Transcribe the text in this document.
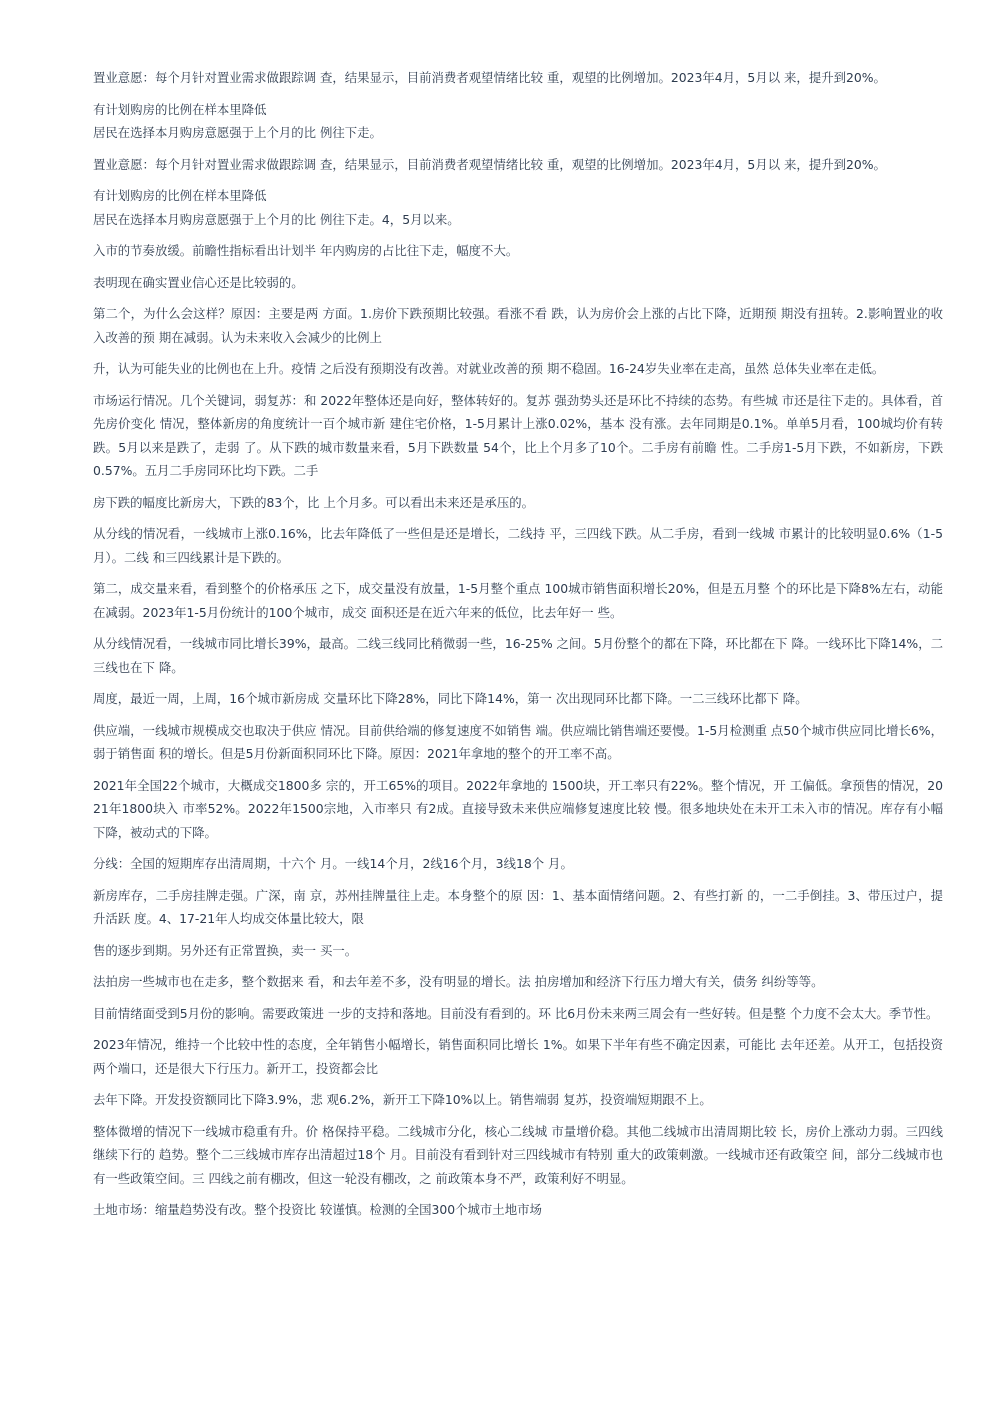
置业意愿：每个月针对置业需求做跟踪调 查，结果显示，目前消费者观望情绪比较 重，观望的比例增加。2023年4月，5月以 来，提升到20%。

有计划购房的比例在样本里降低

居民在选择本月购房意愿强于上个月的比 例往下走。

置业意愿：每个月针对置业需求做跟踪调 查，结果显示，目前消费者观望情绪比较 重，观望的比例增加。2023年4月，5月以 来，提升到20%。

有计划购房的比例在样本里降低

居民在选择本月购房意愿强于上个月的比 例往下走。4，5月以来。

入市的节奏放缓。前瞻性指标看出计划半 年内购房的占比往下走，幅度不大。

表明现在确实置业信心还是比较弱的。

第二个，为什么会这样？原因：主要是两 方面。1.房价下跌预期比较强。看涨不看 跌，认为房价会上涨的占比下降，近期预 期没有扭转。2.影响置业的收入改善的预 期在减弱。认为未来收入会减少的比例上

升，认为可能失业的比例也在上升。疫情 之后没有预期没有改善。对就业改善的预 期不稳固。16-24岁失业率在走高，虽然 总体失业率在走低。

市场运行情况。几个关键词，弱复苏：和 2022年整体还是向好，整体转好的。复苏 强劲势头还是环比不持续的态势。有些城 市还是往下走的。具体看，首先房价变化 情况，整体新房的角度统计一百个城市新 建住宅价格，1-5月累计上涨0.02%，基本 没有涨。去年同期是0.1%。单单5月看，100城均价有转跌。5月以来是跌了，走弱 了。从下跌的城市数量来看，5月下跌数量 54个，比上个月多了10个。二手房有前瞻 性。二手房1-5月下跌，不如新房，下跌 0.57%。五月二手房同环比均下跌。二手

房下跌的幅度比新房大，下跌的83个，比 上个月多。可以看出未来还是承压的。

从分线的情况看，一线城市上涨0.16%，比去年降低了一些但是还是增长，二线持 平，三四线下跌。从二手房，看到一线城 市累计的比较明显0.6%（1-5月）。二线 和三四线累计是下跌的。

第二，成交量来看，看到整个的价格承压 之下，成交量没有放量，1-5月整个重点 100城市销售面积增长20%，但是五月整 个的环比是下降8%左右，动能在减弱。2023年1-5月份统计的100个城市，成交 面积还是在近六年来的低位，比去年好一 些。

从分线情况看，一线城市同比增长39%，最高。二线三线同比稍微弱一些，16-25% 之间。5月份整个的都在下降，环比都在下 降。一线环比下降14%，二三线也在下 降。

周度，最近一周，上周，16个城市新房成 交量环比下降28%，同比下降14%，第一 次出现同环比都下降。一二三线环比都下 降。

供应端，一线城市规模成交也取决于供应 情况。目前供给端的修复速度不如销售 端。供应端比销售端还要慢。1-5月检测重 点50个城市供应同比增长6%，弱于销售面 积的增长。但是5月份新面积同环比下降。原因：2021年拿地的整个的开工率不高。

2021年全国22个城市，大概成交1800多 宗的，开工65%的项目。2022年拿地的 1500块，开工率只有22%。整个情况，开 工偏低。拿预售的情况，2021年1800块入 市率52%。2022年1500宗地，入市率只 有2成。直接导致未来供应端修复速度比较 慢。很多地块处在未开工未入市的情况。库存有小幅下降，被动式的下降。

分线：全国的短期库存出清周期，十六个 月。一线14个月，2线16个月，3线18个 月。

新房库存，二手房挂牌走强。广深，南 京，苏州挂牌量往上走。本身整个的原 因：1、基本面情绪问题。2、有些打新 的，一二手倒挂。3、带压过户，提升活跃 度。4、17-21年人均成交体量比较大，限

售的逐步到期。另外还有正常置换，卖一 买一。

法拍房一些城市也在走多，整个数据来 看，和去年差不多，没有明显的增长。法 拍房增加和经济下行压力增大有关，债务 纠纷等等。

目前情绪面受到5月份的影响。需要政策进 一步的支持和落地。目前没有看到的。环 比6月份未来两三周会有一些好转。但是整 个力度不会太大。季节性。

2023年情况，维持一个比较中性的态度，全年销售小幅增长，销售面积同比增长 1%。如果下半年有些不确定因素，可能比 去年还差。从开工，包括投资两个端口，还是很大下行压力。新开工，投资都会比

去年下降。开发投资额同比下降3.9%，悲 观6.2%，新开工下降10%以上。销售端弱 复苏，投资端短期跟不上。

整体微增的情况下一线城市稳重有升。价 格保持平稳。二线城市分化，核心二线城 市量增价稳。其他二线城市出清周期比较 长，房价上涨动力弱。三四线继续下行的 趋势。整个二三线城市库存出清超过18个 月。目前没有看到针对三四线城市有特别 重大的政策刺激。一线城市还有政策空 间，部分二线城市也有一些政策空间。三 四线之前有棚改，但这一轮没有棚改，之 前政策本身不严，政策利好不明显。

土地市场：缩量趋势没有改。整个投资比 较谨慎。检测的全国300个城市土地市场
